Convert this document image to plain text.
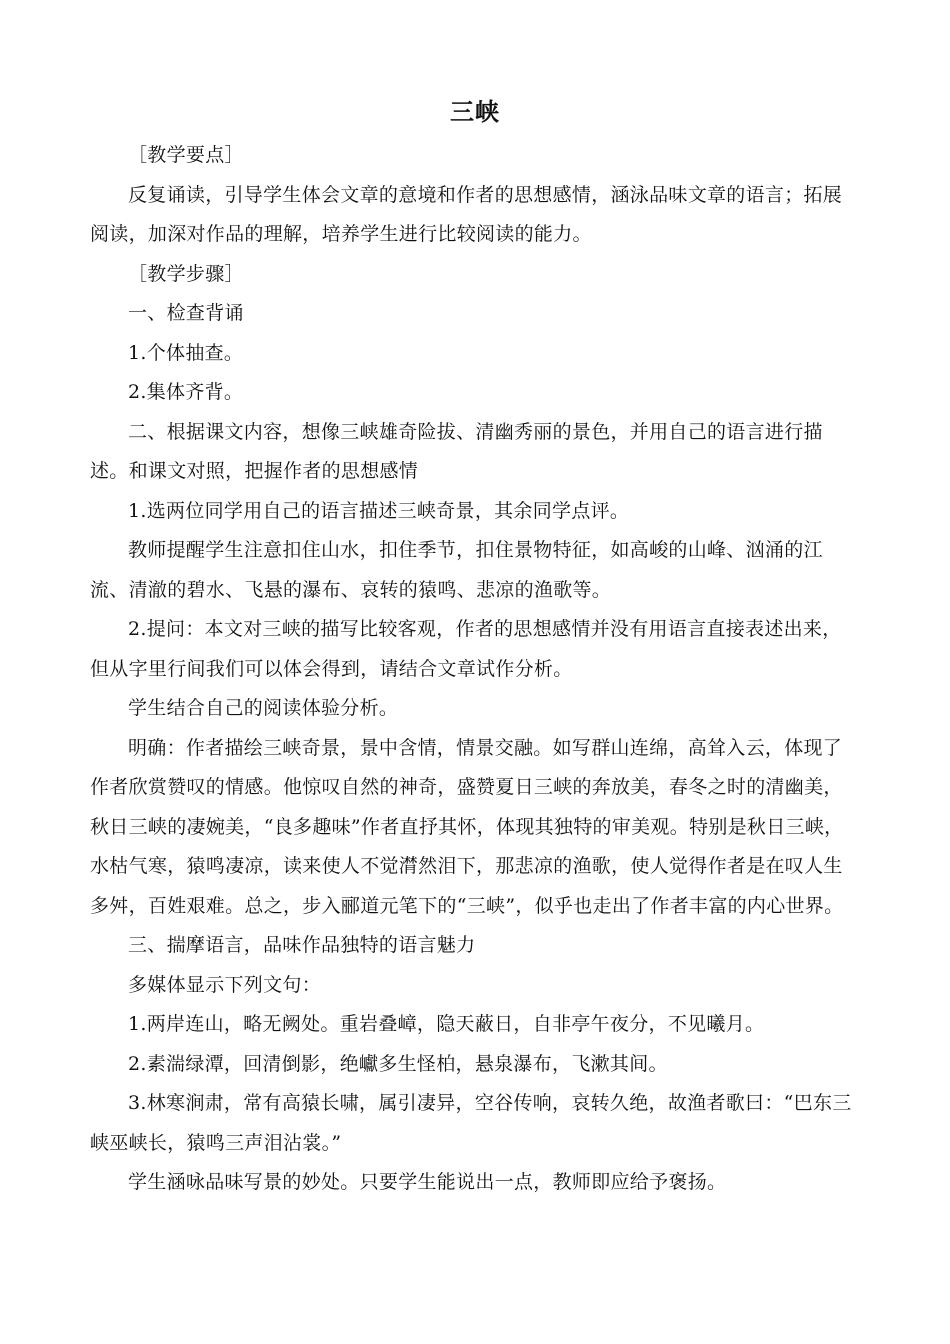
三峡

［教学要点］

反复诵读，引导学生体会文章的意境和作者的思想感情，涵泳品味文章的语言；拓展阅读，加深对作品的理解，培养学生进行比较阅读的能力。

［教学步骤］

一、检查背诵

1.个体抽查。

2.集体齐背。

二、根据课文内容，想像三峡雄奇险拔、清幽秀丽的景色，并用自己的语言进行描述。和课文对照，把握作者的思想感情

1.选两位同学用自己的语言描述三峡奇景，其余同学点评。

教师提醒学生注意扣住山水，扣住季节，扣住景物特征，如高峻的山峰、汹涌的江流、清澈的碧水、飞悬的瀑布、哀转的猿鸣、悲凉的渔歌等。

2.提问：本文对三峡的描写比较客观，作者的思想感情并没有用语言直接表述出来，但从字里行间我们可以体会得到，请结合文章试作分析。

学生结合自己的阅读体验分析。

明确：作者描绘三峡奇景，景中含情，情景交融。如写群山连绵，高耸入云，体现了作者欣赏赞叹的情感。他惊叹自然的神奇，盛赞夏日三峡的奔放美，春冬之时的清幽美，秋日三峡的凄婉美，“良多趣味”作者直抒其怀，体现其独特的审美观。特别是秋日三峡，水枯气寒，猿鸣凄凉，读来使人不觉潸然泪下，那悲凉的渔歌，使人觉得作者是在叹人生多舛，百姓艰难。总之，步入郦道元笔下的“三峡”，似乎也走出了作者丰富的内心世界。

三、揣摩语言，品味作品独特的语言魅力

多媒体显示下列文句：

1.两岸连山，略无阙处。重岩叠嶂，隐天蔽日，自非亭午夜分，不见曦月。

2.素湍绿潭，回清倒影，绝巘多生怪柏，悬泉瀑布，飞漱其间。

3.林寒涧肃，常有高猿长啸，属引凄异，空谷传响，哀转久绝，故渔者歌曰：“巴东三峡巫峡长，猿鸣三声泪沾裳。”

学生涵咏品味写景的妙处。只要学生能说出一点，教师即应给予褒扬。
